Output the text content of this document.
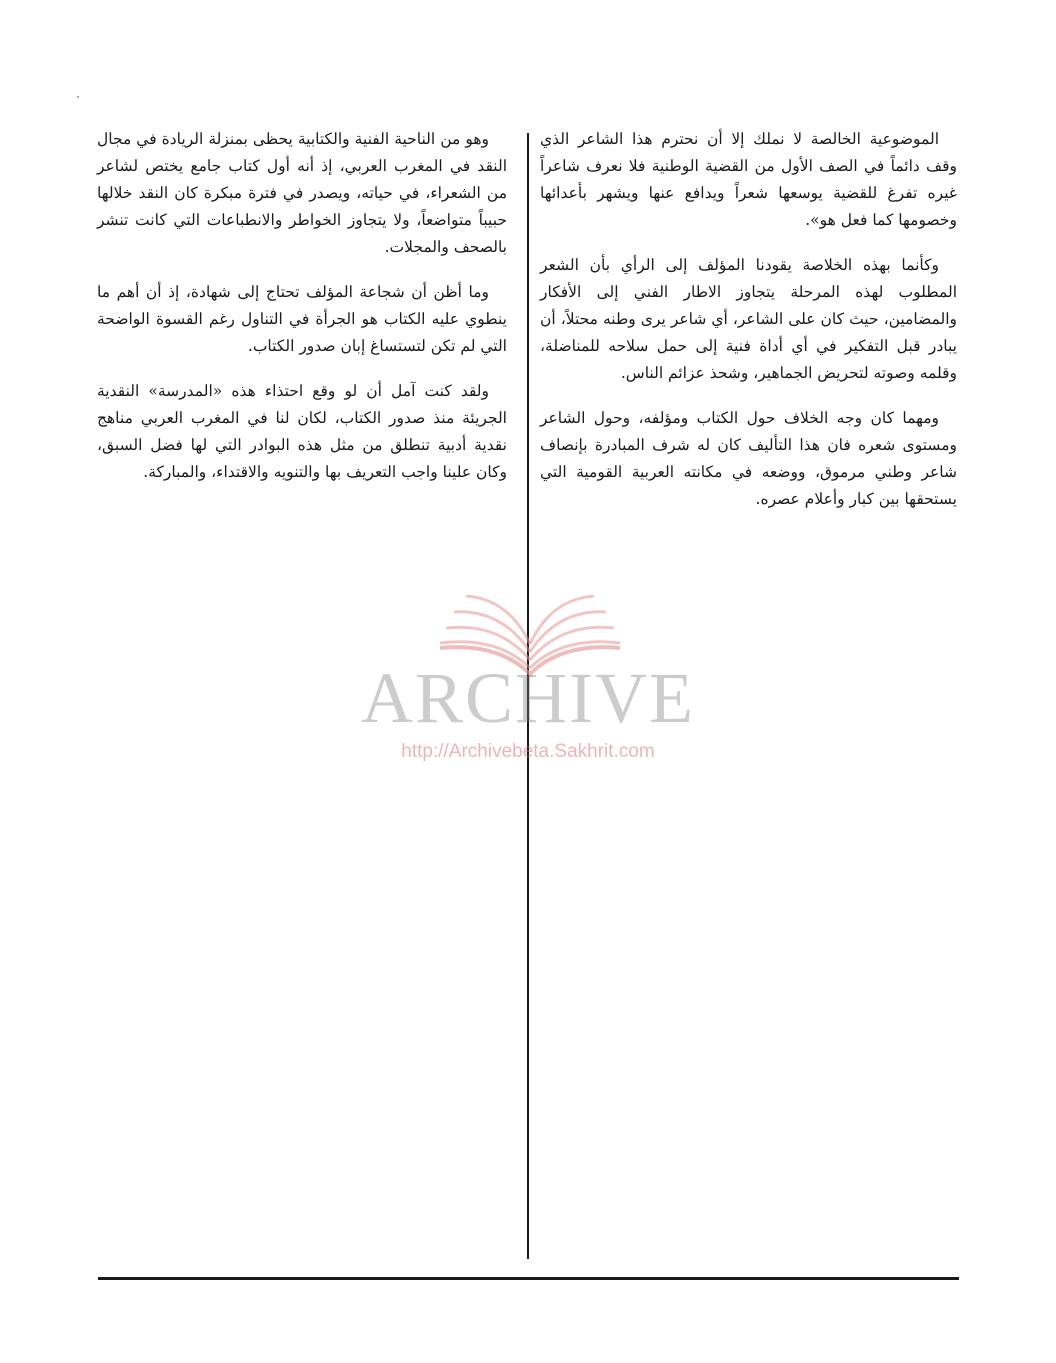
الموضوعية الخالصة لا نملك إلا أن نحترم هذا الشاعر الذي وقف دائماً في الصف الأول من القضية الوطنية فلا نعرف شاعراً غيره تفرغ للقضية يوسعها شعراً ويدافع عنها ويشهر بأعدائها وخصومها كما فعل هو».

وكأنما بهذه الخلاصة يقودنا المؤلف إلى الرأي بأن الشعر المطلوب لهذه المرحلة يتجاوز الاطار الفني إلى الأفكار والمضامين، حيث كان على الشاعر، أي شاعر يرى وطنه محتلاً، أن يبادر قبل التفكير في أي أداة فنية إلى حمل سلاحه للمناضلة، وقلمه وصوته لتحريض الجماهير، وشحذ عزائم الناس.

ومهما كان وجه الخلاف حول الكتاب ومؤلفه، وحول الشاعر ومستوى شعره فان هذا التأليف كان له شرف المبادرة بإنصاف شاعر وطني مرموق، ووضعه في مكانته العربية القومية التي يستحقها بين كبار وأعلام عصره.

وهو من الناحية الفنية والكتابية يحظى بمنزلة الريادة في مجال النقد في المغرب العربي، إذ أنه أول كتاب جامع يختص لشاعر من الشعراء، في حياته، ويصدر في فترة مبكرة كان النقد خلالها حبيباً متواضعاً، ولا يتجاوز الخواطر والانطباعات التي كانت تنشر بالصحف والمجلات.

وما أظن أن شجاعة المؤلف تحتاج إلى شهادة، إذ أن أهم ما ينطوي عليه الكتاب هو الجرأة في التناول رغم القسوة الواضحة التي لم تكن لتستساغ إبان صدور الكتاب.

ولقد كنت آمل أن لو وقع احتذاء هذه «المدرسة» النقدية الجريئة منذ صدور الكتاب، لكان لنا في المغرب العربي مناهج نقدية أدبية تنطلق من مثل هذه البوادر التي لها فضل السبق، وكان علينا واجب التعريف بها والتنويه والاقتداء، والمباركة.

ARCHIVE
http://Archivebeta.Sakhrit.com
